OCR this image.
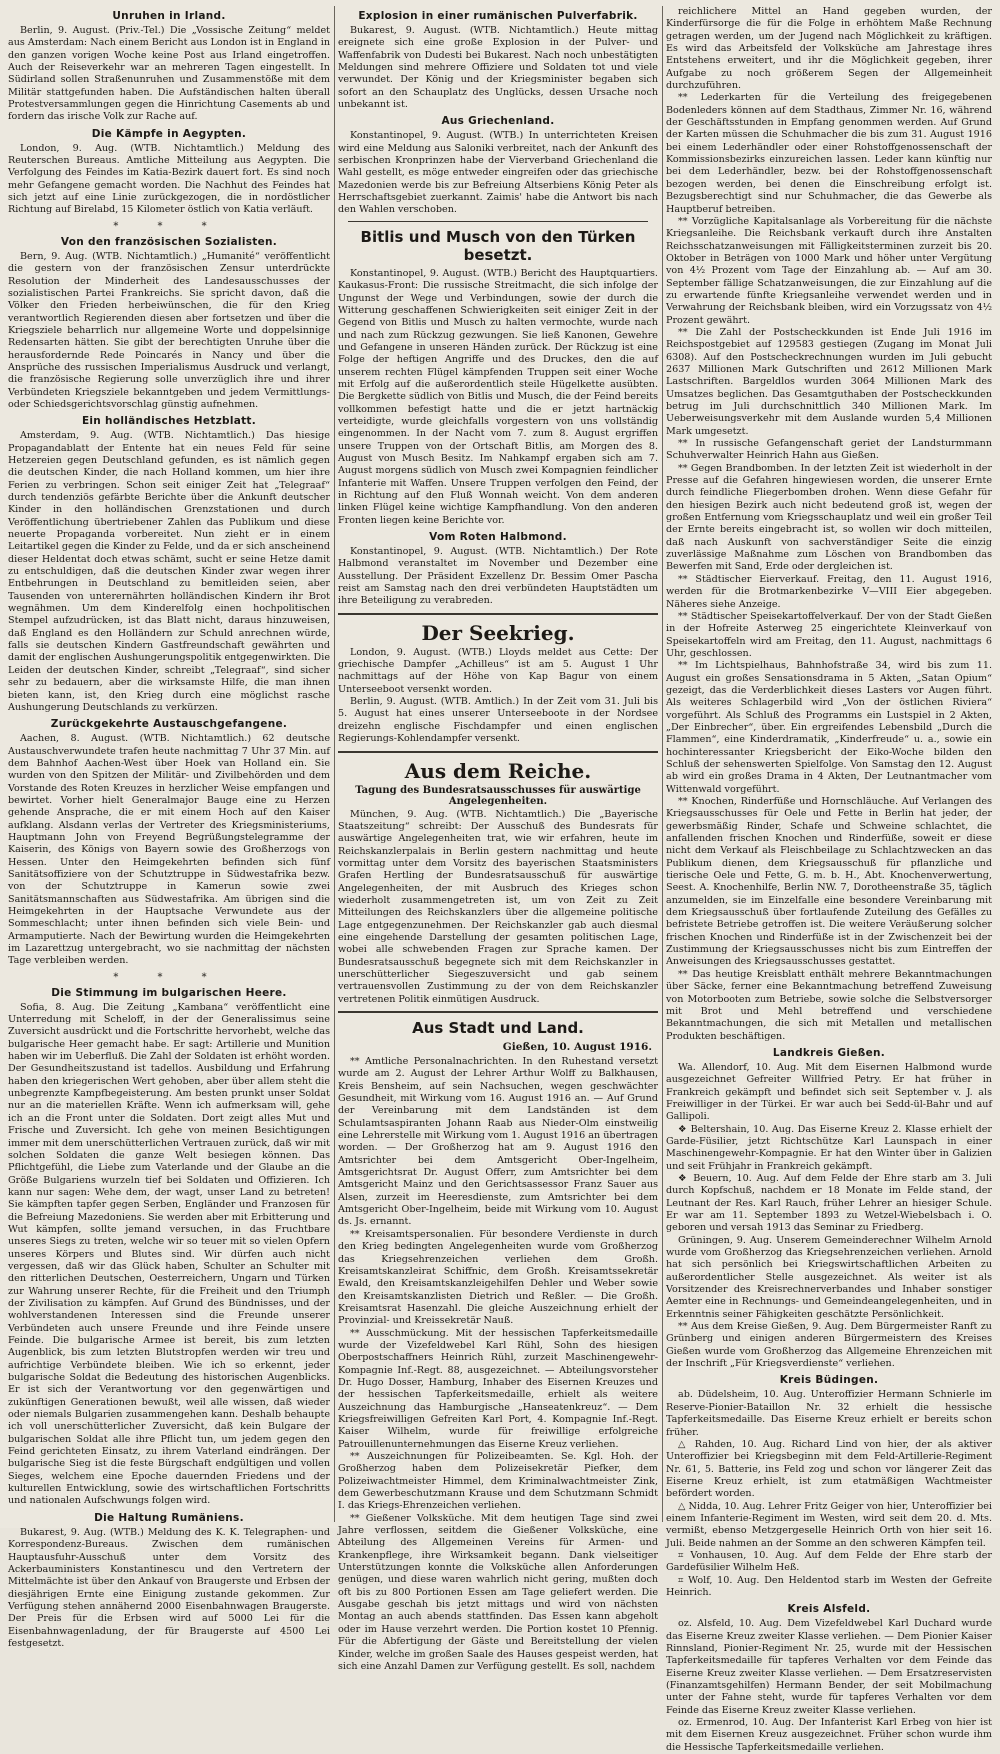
Unruhen in Irland.

Berlin, 9. August. (Priv.-Tel.) Die „Vossische Zeitung“ meldet aus Amsterdam: Nach einem Bericht aus London ist in England in den ganzen vorigen Woche keine Post aus Irland eingetroffen. Auch der Reiseverkehr war an mehreren Tagen eingestellt. In Südirland sollen Straßenunruhen und Zusammenstöße mit dem Militär stattgefunden haben. Die Aufständischen halten überall Protestversammlungen gegen die Hinrichtung Casements ab und fordern das irische Volk zur Rache auf.

Die Kämpfe in Aegypten.

London, 9. Aug. (WTB. Nichtamtlich.) Meldung des Reuterschen Bureaus. Amtliche Mitteilung aus Aegypten. Die Verfolgung des Feindes im Katia-Bezirk dauert fort. Es sind noch mehr Gefangene gemacht worden. Die Nachhut des Feindes hat sich jetzt auf eine Linie zurückgezogen, die in nordöstlicher Richtung auf Birelabd, 15 Kilometer östlich von Katia verläuft.

* * *
Von den französischen Sozialisten.

Bern, 9. Aug. (WTB. Nichtamtlich.) „Humanité“ veröffentlicht die gestern von der französischen Zensur unterdrückte Resolution der Minderheit des Landesausschusses der sozialistischen Partei Frankreichs. Sie spricht davon, daß die Völker den Frieden herbeiwünschen, die für den Krieg verantwortlich Regierenden diesen aber fortsetzen und über die Kriegsziele beharrlich nur allgemeine Worte und doppelsinnige Redensarten hätten. Sie gibt der berechtigten Unruhe über die herausfordernde Rede Poincarés in Nancy und über die Ansprüche des russischen Imperialismus Ausdruck und verlangt, die französische Regierung solle unverzüglich ihre und ihrer Verbündeten Kriegsziele bekanntgeben und jedem Vermittlungs- oder Schiedsgerichtsvorschlag günstig aufnehmen.

Ein holländisches Hetzblatt.

Amsterdam, 9. Aug. (WTB. Nichtamtlich.) Das hiesige Propagandablatt der Entente hat ein neues Feld für seine Hetzereien gegen Deutschland gefunden, es ist nämlich gegen die deutschen Kinder, die nach Holland kommen, um hier ihre Ferien zu verbringen. Schon seit einiger Zeit hat „Telegraaf“ durch tendenziös gefärbte Berichte über die Ankunft deutscher Kinder in den holländischen Grenzstationen und durch Veröffentlichung übertriebener Zahlen das Publikum und diese neuerte Propaganda vorbereitet. Nun zieht er in einem Leitartikel gegen die Kinder zu Felde, und da er sich anscheinend dieser Heldentat doch etwas schämt, sucht er seine Hetze damit zu entschuldigen, daß die deutschen Kinder zwar wegen ihrer Entbehrungen in Deutschland zu bemitleiden seien, aber Tausenden von unterernährten holländischen Kindern ihr Brot wegnähmen. Um dem Kinderelfolg einen hochpolitischen Stempel aufzudrücken, ist das Blatt nicht, daraus hinzuweisen, daß England es den Holländern zur Schuld anrechnen würde, falls sie deutschen Kindern Gastfreundschaft gewährten und damit der englischen Aushungerungspolitik entgegenwirkten. Die Leiden der deutschen Kinder, schreibt „Telegraaf“, sind sicher sehr zu bedauern, aber die wirksamste Hilfe, die man ihnen bieten kann, ist, den Krieg durch eine möglichst rasche Aushungerung Deutschlands zu verkürzen.

Zurückgekehrte Austauschgefangene.

Aachen, 8. August. (WTB. Nichtamtlich.) 62 deutsche Austauschverwundete trafen heute nachmittag 7 Uhr 37 Min. auf dem Bahnhof Aachen-West über Hoek van Holland ein. Sie wurden von den Spitzen der Militär- und Zivilbehörden und dem Vorstande des Roten Kreuzes in herzlicher Weise empfangen und bewirtet. Vorher hielt Generalmajor Bauge eine zu Herzen gehende Ansprache, die er mit einem Hoch auf den Kaiser aufklang. Alsdann verlas der Vertreter des Kriegsministeriums, Hauptmann John von Freyend Begrüßungstelegramme der Kaiserin, des Königs von Bayern sowie des Großherzogs von Hessen. Unter den Heimgekehrten befinden sich fünf Sanitätsoffiziere von der Schutztruppe in Südwestafrika bezw. von der Schutztruppe in Kamerun sowie zwei Sanitätsmannschaften aus Südwestafrika. Am übrigen sind die Heimgekehrten in der Hauptsache Verwundete aus der Sommeschlacht; unter ihnen befinden sich viele Bein- und Armamputierte. Nach der Bewirtung wurden die Heimgekehrten im Lazarettzug untergebracht, wo sie nachmittag der nächsten Tage verbleiben werden.

* * *
Die Stimmung im bulgarischen Heere.

Sofia, 8. Aug. Die Zeitung „Kambana“ veröffentlicht eine Unterredung mit Scheloff, in der der Generalissimus seine Zuversicht ausdrückt und die Fortschritte hervorhebt, welche das bulgarische Heer gemacht habe. Er sagt: Artillerie und Munition haben wir im Ueberfluß. Die Zahl der Soldaten ist erhöht worden. Der Gesundheitszustand ist tadellos. Ausbildung und Erfahrung haben den kriegerischen Wert gehoben, aber über allem steht die unbegrenzte Kampfbegeisterung. Am besten prunkt unser Soldat nur an die materiellen Kräfte. Wenn ich aufmerksam will, gehe ich an die Front unter die Soldaten. Dort zeigt alles Mut und Frische und Zuversicht. Ich gehe von meinen Besichtigungen immer mit dem unerschütterlichen Vertrauen zurück, daß wir mit solchen Soldaten die ganze Welt besiegen können. Das Pflichtgefühl, die Liebe zum Vaterlande und der Glaube an die Größe Bulgariens wurzeln tief bei Soldaten und Offizieren. Ich kann nur sagen: Wehe dem, der wagt, unser Land zu betreten! Sie kämpften tapfer gegen Serben, Engländer und Franzosen für die Befreiung Mazedoniens. Sie werden aber mit Erbitterung und Wut kämpfen, sollte jemand versuchen, in das Fruchtbare unseres Siegs zu treten, welche wir so teuer mit so vielen Opfern unseres Körpers und Blutes sind. Wir dürfen auch nicht vergessen, daß wir das Glück haben, Schulter an Schulter mit den ritterlichen Deutschen, Oesterreichern, Ungarn und Türken zur Wahrung unserer Rechte, für die Freiheit und den Triumph der Zivilisation zu kämpfen. Auf Grund des Bündnisses, und der wohlverstandenen Interessen sind die Freunde unserer Verbündeten auch unsere Freunde und ihre Feinde unsere Feinde. Die bulgarische Armee ist bereit, bis zum letzten Augenblick, bis zum letzten Blutstropfen werden wir treu und aufrichtige Verbündete bleiben. Wie ich so erkennt, jeder bulgarische Soldat die Bedeutung des historischen Augenblicks. Er ist sich der Verantwortung vor den gegenwärtigen und zukünftigen Generationen bewußt, weil alle wissen, daß wieder oder niemals Bulgarien zusammengehen kann. Deshalb behaupte ich voll unerschütterlicher Zuversicht, daß kein Bulgare der bulgarischen Soldat alle ihre Pflicht tun, um jedem gegen den Feind gerichteten Einsatz, zu ihrem Vaterland eindrängen. Der bulgarische Sieg ist die feste Bürgschaft endgültigen und vollen Sieges, welchem eine Epoche dauernden Friedens und der kulturellen Entwicklung, sowie des wirtschaftlichen Fortschritts und nationalen Aufschwungs folgen wird.

Die Haltung Rumäniens.

Bukarest, 9. Aug. (WTB.) Meldung des K. K. Telegraphen- und Korrespondenz-Bureaus. Zwischen dem rumänischen Hauptausfuhr-Ausschuß unter dem Vorsitz des Ackerbauministers Konstantinescu und den Vertretern der Mittelmächte ist über den Ankauf von Braugerste und Erbsen der diesjährigen Ernte eine Einigung zustande gekommen. Zur Verfügung stehen annähernd 2000 Eisenbahnwagen Braugerste. Der Preis für die Erbsen wird auf 5000 Lei für die Eisenbahnwagenladung, der für Braugerste auf 4500 Lei festgesetzt.

Explosion in einer rumänischen Pulverfabrik.

Bukarest, 9. August. (WTB. Nichtamtlich.) Heute mittag ereignete sich eine große Explosion in der Pulver- und Waffenfabrik von Dudesti bei Bukarest. Nach noch unbestätigten Meldungen sind mehrere Offiziere und Soldaten tot und viele verwundet. Der König und der Kriegsminister begaben sich sofort an den Schauplatz des Unglücks, dessen Ursache noch unbekannt ist.

Aus Griechenland.

Konstantinopel, 9. August. (WTB.) In unterrichteten Kreisen wird eine Meldung aus Saloniki verbreitet, nach der Ankunft des serbischen Kronprinzen habe der Vierverband Griechenland die Wahl gestellt, es möge entweder eingreifen oder das griechische Mazedonien werde bis zur Befreiung Altserbiens König Peter als Herrschaftsgebiet zuerkannt. Zaimis' habe die Antwort bis nach den Wahlen verschoben.

Bitlis und Musch von den Türken besetzt.

Konstantinopel, 9. August. (WTB.) Bericht des Hauptquartiers. Kaukasus-Front: Die russische Streitmacht, die sich infolge der Ungunst der Wege und Verbindungen, sowie der durch die Witterung geschaffenen Schwierigkeiten seit einiger Zeit in der Gegend von Bitlis und Musch zu halten vermochte, wurde nach und nach zum Rückzug gezwungen. Sie ließ Kanonen, Gewehre und Gefangene in unseren Händen zurück. Der Rückzug ist eine Folge der heftigen Angriffe und des Druckes, den die auf unserem rechten Flügel kämpfenden Truppen seit einer Woche mit Erfolg auf die außerordentlich steile Hügelkette ausübten. Die Bergkette südlich von Bitlis und Musch, die der Feind bereits vollkommen befestigt hatte und die er jetzt hartnäckig verteidigte, wurde gleichfalls vorgestern von uns vollständig eingenommen. In der Nacht vom 7. zum 8. August ergriffen unsere Truppen von der Ortschaft Bitlis, am Morgen des 8. August von Musch Besitz. Im Nahkampf ergaben sich am 7. August morgens südlich von Musch zwei Kompagnien feindlicher Infanterie mit Waffen. Unsere Truppen verfolgen den Feind, der in Richtung auf den Fluß Wonnah weicht. Von dem anderen linken Flügel keine wichtige Kampfhandlung. Von den anderen Fronten liegen keine Berichte vor.

Vom Roten Halbmond.

Konstantinopel, 9. August. (WTB. Nichtamtlich.) Der Rote Halbmond veranstaltet im November und Dezember eine Ausstellung. Der Präsident Exzellenz Dr. Bessim Omer Pascha reist am Samstag nach den drei verbündeten Hauptstädten um ihre Beteiligung zu verabreden.

Der Seekrieg.

London, 9. August. (WTB.) Lloyds meldet aus Cette: Der griechische Dampfer „Achilleus“ ist am 5. August 1 Uhr nachmittags auf der Höhe von Kap Bagur von einem Unterseeboot versenkt worden.

Berlin, 9. August. (WTB. Amtlich.) In der Zeit vom 31. Juli bis 5. August hat eines unserer Unterseeboote in der Nordsee dreizehn englische Fischdampfer und einen englischen Regierungs-Kohlendampfer versenkt.

Aus dem Reiche.
Tagung des Bundesratsausschusses für auswärtige Angelegenheiten.

München, 9. Aug. (WTB. Nichtamtlich.) Die „Bayerische Staatszeitung“ schreibt: Der Ausschuß des Bundesrats für auswärtige Angelegenheiten trat, wie wir erfahren, heute im Reichskanzlerpalais in Berlin gestern nachmittag und heute vormittag unter dem Vorsitz des bayerischen Staatsministers Grafen Hertling der Bundesratsausschuß für auswärtige Angelegenheiten, der mit Ausbruch des Krieges schon wiederholt zusammengetreten ist, um von Zeit zu Zeit Mitteilungen des Reichskanzlers über die allgemeine politische Lage entgegenzunehmen. Der Reichskanzler gab auch diesmal eine eingehende Darstellung der gesamten politischen Lage, wobei alle schwebenden Fragen zur Sprache kamen. Der Bundesratsausschuß begegnete sich mit dem Reichskanzler in unerschütterlicher Siegeszuversicht und gab seinem vertrauensvollen Zustimmung zu der von dem Reichskanzler vertretenen Politik einmütigen Ausdruck.

Aus Stadt und Land.
Gießen, 10. August 1916.

** Amtliche Personalnachrichten. In den Ruhestand versetzt wurde am 2. August der Lehrer Arthur Wolff zu Balkhausen, Kreis Bensheim, auf sein Nachsuchen, wegen geschwächter Gesundheit, mit Wirkung vom 16. August 1916 an. — Auf Grund der Vereinbarung mit dem Landständen ist dem Schulamtsaspiranten Johann Raab aus Nieder-Olm einstweilig eine Lehrerstelle mit Wirkung vom 1. August 1916 an übertragen worden. — Der Großherzog hat am 9. August 1916 den Amtsrichter bei dem Amtsgericht Ober-Ingelheim, Amtsgerichtsrat Dr. August Offerr, zum Amtsrichter bei dem Amtsgericht Mainz und den Gerichtsassessor Franz Sauer aus Alsen, zurzeit im Heeresdienste, zum Amtsrichter bei dem Amtsgericht Ober-Ingelheim, beide mit Wirkung vom 10. August ds. Js. ernannt.

** Kreisamtspersonalien. Für besondere Verdienste in durch den Krieg bedingten Angelegenheiten wurde vom Großherzog das Kriegsehrenzeichen verliehen dem Großh. Kreisamtskanzleirat Schiffnic, dem Großh. Kreisamtssekretär Ewald, den Kreisamtskanzleigehilfen Dehler und Weber sowie den Kreisamtskanzlisten Dietrich und Reßler. — Die Großh. Kreisamtsrat Hasenzahl. Die gleiche Auszeichnung erhielt der Provinzial- und Kreissekretär Nauß.

** Ausschmückung. Mit der hessischen Tapferkeitsmedaille wurde der Vizefeldwebel Karl Rühl, Sohn des hiesigen Oberpostschaffners Heinrich Rühl, zurzeit Maschinengewehr-Kompagnie Inf.-Regt. 88, ausgezeichnet. — Abteilungsvorsteher Dr. Hugo Dosser, Hamburg, Inhaber des Eisernen Kreuzes und der hessischen Tapferkeitsmedaille, erhielt als weitere Auszeichnung das Hamburgische „Hanseatenkreuz“. — Dem Kriegsfreiwilligen Gefreiten Karl Port, 4. Kompagnie Inf.-Regt. Kaiser Wilhelm, wurde für freiwillige erfolgreiche Patrouillenunternehmungen das Eiserne Kreuz verliehen.

** Auszeichnungen für Polizeibeamten. Se. Kgl. Hoh. der Großherzog haben dem Polizeisekretär Piefker, dem Polizeiwachtmeister Himmel, dem Kriminalwachtmeister Zink, dem Gewerbeschutzmann Krause und dem Schutzmann Schmidt I. das Kriegs-Ehrenzeichen verliehen.

** Gießener Volksküche. Mit dem heutigen Tage sind zwei Jahre verflossen, seitdem die Gießener Volksküche, eine Abteilung des Allgemeinen Vereins für Armen- und Krankenpflege, ihre Wirksamkeit begann. Dank vielseitiger Unterstützungen konnte die Volksküche allen Anforderungen genügen, und diese waren wahrlich nicht gering, mußten doch oft bis zu 800 Portionen Essen am Tage geliefert werden. Die Ausgabe geschah bis jetzt mittags und wird von nächsten Montag an auch abends stattfinden. Das Essen kann abgeholt oder im Hause verzehrt werden. Die Portion kostet 10 Pfennig. Für die Abfertigung der Gäste und Bereitstellung der vielen Kinder, welche im großen Saale des Hauses gespeist werden, hat sich eine Anzahl Damen zur Verfügung gestellt. Es soll, nachdem

reichlichere Mittel an Hand gegeben wurden, der Kinderfürsorge die für die Folge in erhöhtem Maße Rechnung getragen werden, um der Jugend nach Möglichkeit zu kräftigen. Es wird das Arbeitsfeld der Volksküche am Jahrestage ihres Entstehens erweitert, und ihr die Möglichkeit gegeben, ihrer Aufgabe zu noch größerem Segen der Allgemeinheit durchzuführen.

** Lederkarten für die Verteilung des freigegebenen Bodenleders können auf dem Stadthaus, Zimmer Nr. 16, während der Geschäftsstunden in Empfang genommen werden. Auf Grund der Karten müssen die Schuhmacher die bis zum 31. August 1916 bei einem Lederhändler oder einer Rohstoffgenossenschaft der Kommissionsbezirks einzureichen lassen. Leder kann künftig nur bei dem Lederhändler, bezw. bei der Rohstoffgenossenschaft bezogen werden, bei denen die Einschreibung erfolgt ist. Bezugsberechtigt sind nur Schuhmacher, die das Gewerbe als Hauptberuf betreiben.

** Vorzügliche Kapitalsanlage als Vorbereitung für die nächste Kriegsanleihe. Die Reichsbank verkauft durch ihre Anstalten Reichsschatzanweisungen mit Fälligkeitsterminen zurzeit bis 20. Oktober in Beträgen von 1000 Mark und höher unter Vergütung von 4½ Prozent vom Tage der Einzahlung ab. — Auf am 30. September fällige Schatzanweisungen, die zur Einzahlung auf die zu erwartende fünfte Kriegsanleihe verwendet werden und in Verwahrung der Reichsbank bleiben, wird ein Vorzugssatz von 4½ Prozent gewährt.

** Die Zahl der Postscheckkunden ist Ende Juli 1916 im Reichspostgebiet auf 129583 gestiegen (Zugang im Monat Juli 6308). Auf den Postscheckrechnungen wurden im Juli gebucht 2637 Millionen Mark Gutschriften und 2612 Millionen Mark Lastschriften. Bargeldlos wurden 3064 Millionen Mark des Umsatzes beglichen. Das Gesamtguthaben der Postscheckkunden betrug im Juli durchschnittlich 340 Millionen Mark. Im Ueberweisungsverkehr mit dem Auslande wurden 5,4 Millionen Mark umgesetzt.

** In russische Gefangenschaft geriet der Landsturmmann Schuhverwalter Heinrich Hahn aus Gießen.

** Gegen Brandbomben. In der letzten Zeit ist wiederholt in der Presse auf die Gefahren hingewiesen worden, die unserer Ernte durch feindliche Fliegerbomben drohen. Wenn diese Gefahr für den hiesigen Bezirk auch nicht bedeutend groß ist, wegen der großen Entfernung vom Kriegsschauplatz und weil ein großer Teil der Ernte bereits eingebracht ist, so wollen wir doch mitteilen, daß nach Auskunft von sachverständiger Seite die einzig zuverlässige Maßnahme zum Löschen von Brandbomben das Bewerfen mit Sand, Erde oder dergleichen ist.

** Städtischer Eierverkauf. Freitag, den 11. August 1916, werden für die Brotmarkenbezirke V—VIII Eier abgegeben. Näheres siehe Anzeige.

** Städtischer Speisekartoffelverkauf. Der von der Stadt Gießen in der Hofreite Asterweg 25 eingerichtete Kleinverkauf von Speisekartoffeln wird am Freitag, den 11. August, nachmittags 6 Uhr, geschlossen.

** Im Lichtspielhaus, Bahnhofstraße 34, wird bis zum 11. August ein großes Sensationsdrama in 5 Akten, „Satan Opium“ gezeigt, das die Verderblichkeit dieses Lasters vor Augen führt. Als weiteres Schlagerbild wird „Von der östlichen Riviera“ vorgeführt. Als Schluß des Programms ein Lustspiel in 2 Akten, „Der Einbrecher“, über. Ein ergreifendes Lebensbild „Durch die Flammen“, eine Kinderdramatik, „Kinderfreude“ u. a., sowie ein hochinteressanter Kriegsbericht der Eiko-Woche bilden den Schluß der sehenswerten Spielfolge. Von Samstag den 12. August ab wird ein großes Drama in 4 Akten, Der Leutnantmacher vom Wittenwald vorgeführt.

** Knochen, Rinderfüße und Hornschläuche. Auf Verlangen des Kriegsausschusses für Oele und Fette in Berlin hat jeder, der gewerbsmäßig Rinder, Schafe und Schweine schlachtet, die anfallenden frischen Knochen und Rinderfüße, soweit er diese nicht dem Verkauf als Fleischbeilage zu Schlachtzwecken an das Publikum dienen, dem Kriegsausschuß für pflanzliche und tierische Oele und Fette, G. m. b. H., Abt. Knochenverwertung, Seest. A. Knochenhilfe, Berlin NW. 7, Dorotheenstraße 35, täglich anzumelden, sie im Einzelfalle eine besondere Vereinbarung mit dem Kriegsausschuß über fortlaufende Zuteilung des Gefälles zu befristete Betriebe getroffen ist. Die weitere Veräußerung solcher frischen Knochen und Rinderfüße ist in der Zwischenzeit bei der Zustimmung der Kriegsausschusses nicht bis zum Eintreffen der Anweisungen des Kriegsausschusses gestattet.

** Das heutige Kreisblatt enthält mehrere Bekanntmachungen über Säcke, ferner eine Bekanntmachung betreffend Zuweisung von Motorbooten zum Betriebe, sowie solche die Selbstversorger mit Brot und Mehl betreffend und verschiedene Bekanntmachungen, die sich mit Metallen und metallischen Produkten beschäftigen.

Landkreis Gießen.

Wa. Allendorf, 10. Aug. Mit dem Eisernen Halbmond wurde ausgezeichnet Gefreiter Willfried Petry. Er hat früher in Frankreich gekämpft und befindet sich seit September v. J. als Freiwilliger in der Türkei. Er war auch bei Sedd-ül-Bahr und auf Gallipoli.

❖ Beltershain, 10. Aug. Das Eiserne Kreuz 2. Klasse erhielt der Garde-Füsilier, jetzt Richtschütze Karl Launspach in einer Maschinengewehr-Kompagnie. Er hat den Winter über in Galizien und seit Frühjahr in Frankreich gekämpft.

❖ Beuern, 10. Aug. Auf dem Felde der Ehre starb am 3. Juli durch Kopfschuß, nachdem er 18 Monate im Felde stand, der Leutnant der Res. Karl Rauch, früher Lehrer an hiesiger Schule. Er war am 11. September 1893 zu Wetzel-Wiebelsbach i. O. geboren und versah 1913 das Seminar zu Friedberg.

Grüningen, 9. Aug. Unserem Gemeinderechner Wilhelm Arnold wurde vom Großherzog das Kriegsehrenzeichen verliehen. Arnold hat sich persönlich bei Kriegswirtschaftlichen Arbeiten zu außerordentlicher Stelle ausgezeichnet. Als weiter ist als Vorsitzender des Kreisrechnerverbandes und Inhaber sonstiger Aemter eine in Rechnungs- und Gemeindeangelegenheiten, und in Erkenntnis seiner Fähigkeiten geschätzte Persönlichkeit.

** Aus dem Kreise Gießen, 9. Aug. Dem Bürgermeister Ranft zu Grünberg und einigen anderen Bürgermeistern des Kreises Gießen wurde vom Großherzog das Allgemeine Ehrenzeichen mit der Inschrift „Für Kriegsverdienste“ verliehen.

Kreis Büdingen.

ab. Düdelsheim, 10. Aug. Unteroffizier Hermann Schnierle im Reserve-Pionier-Bataillon Nr. 32 erhielt die hessische Tapferkeitsmedaille. Das Eiserne Kreuz erhielt er bereits schon früher.

△ Rahden, 10. Aug. Richard Lind von hier, der als aktiver Unteroffizier bei Kriegsbeginn mit dem Feld-Artillerie-Regiment Nr. 61, 5. Batterie, ins Feld zog und schon vor längerer Zeit das Eiserne Kreuz erhielt, ist zum etatmäßigen Wachtmeister befördert worden.

△ Nidda, 10. Aug. Lehrer Fritz Geiger von hier, Unteroffizier bei einem Infanterie-Regiment im Westen, wird seit dem 20. d. Mts. vermißt, ebenso Metzgergeselle Heinrich Orth von hier seit 16. Juli. Beide nahmen an der Somme an den schweren Kämpfen teil.

⌗ Vonhausen, 10. Aug. Auf dem Felde der Ehre starb der Gardefüsilier Wilhelm Heß.

⌗ Wolf, 10. Aug. Den Heldentod starb im Westen der Gefreite Heinrich.

Kreis Alsfeld.

oz. Alsfeld, 10. Aug. Dem Vizefeldwebel Karl Duchard wurde das Eiserne Kreuz zweiter Klasse verliehen. — Dem Pionier Kaiser Rinnsland, Pionier-Regiment Nr. 25, wurde mit der Hessischen Tapferkeitsmedaille für tapferes Verhalten vor dem Feinde das Eiserne Kreuz zweiter Klasse verliehen. — Dem Ersatzreservisten (Finanzamtsgehilfen) Hermann Bender, der seit Mobilmachung unter der Fahne steht, wurde für tapferes Verhalten vor dem Feinde das Eiserne Kreuz zweiter Klasse verliehen.

oz. Ermenrod, 10. Aug. Der Infanterist Karl Erbeg von hier ist mit dem Eisernen Kreuz ausgezeichnet. Früher schon wurde ihm die Hessische Tapferkeitsmedaille verliehen.
